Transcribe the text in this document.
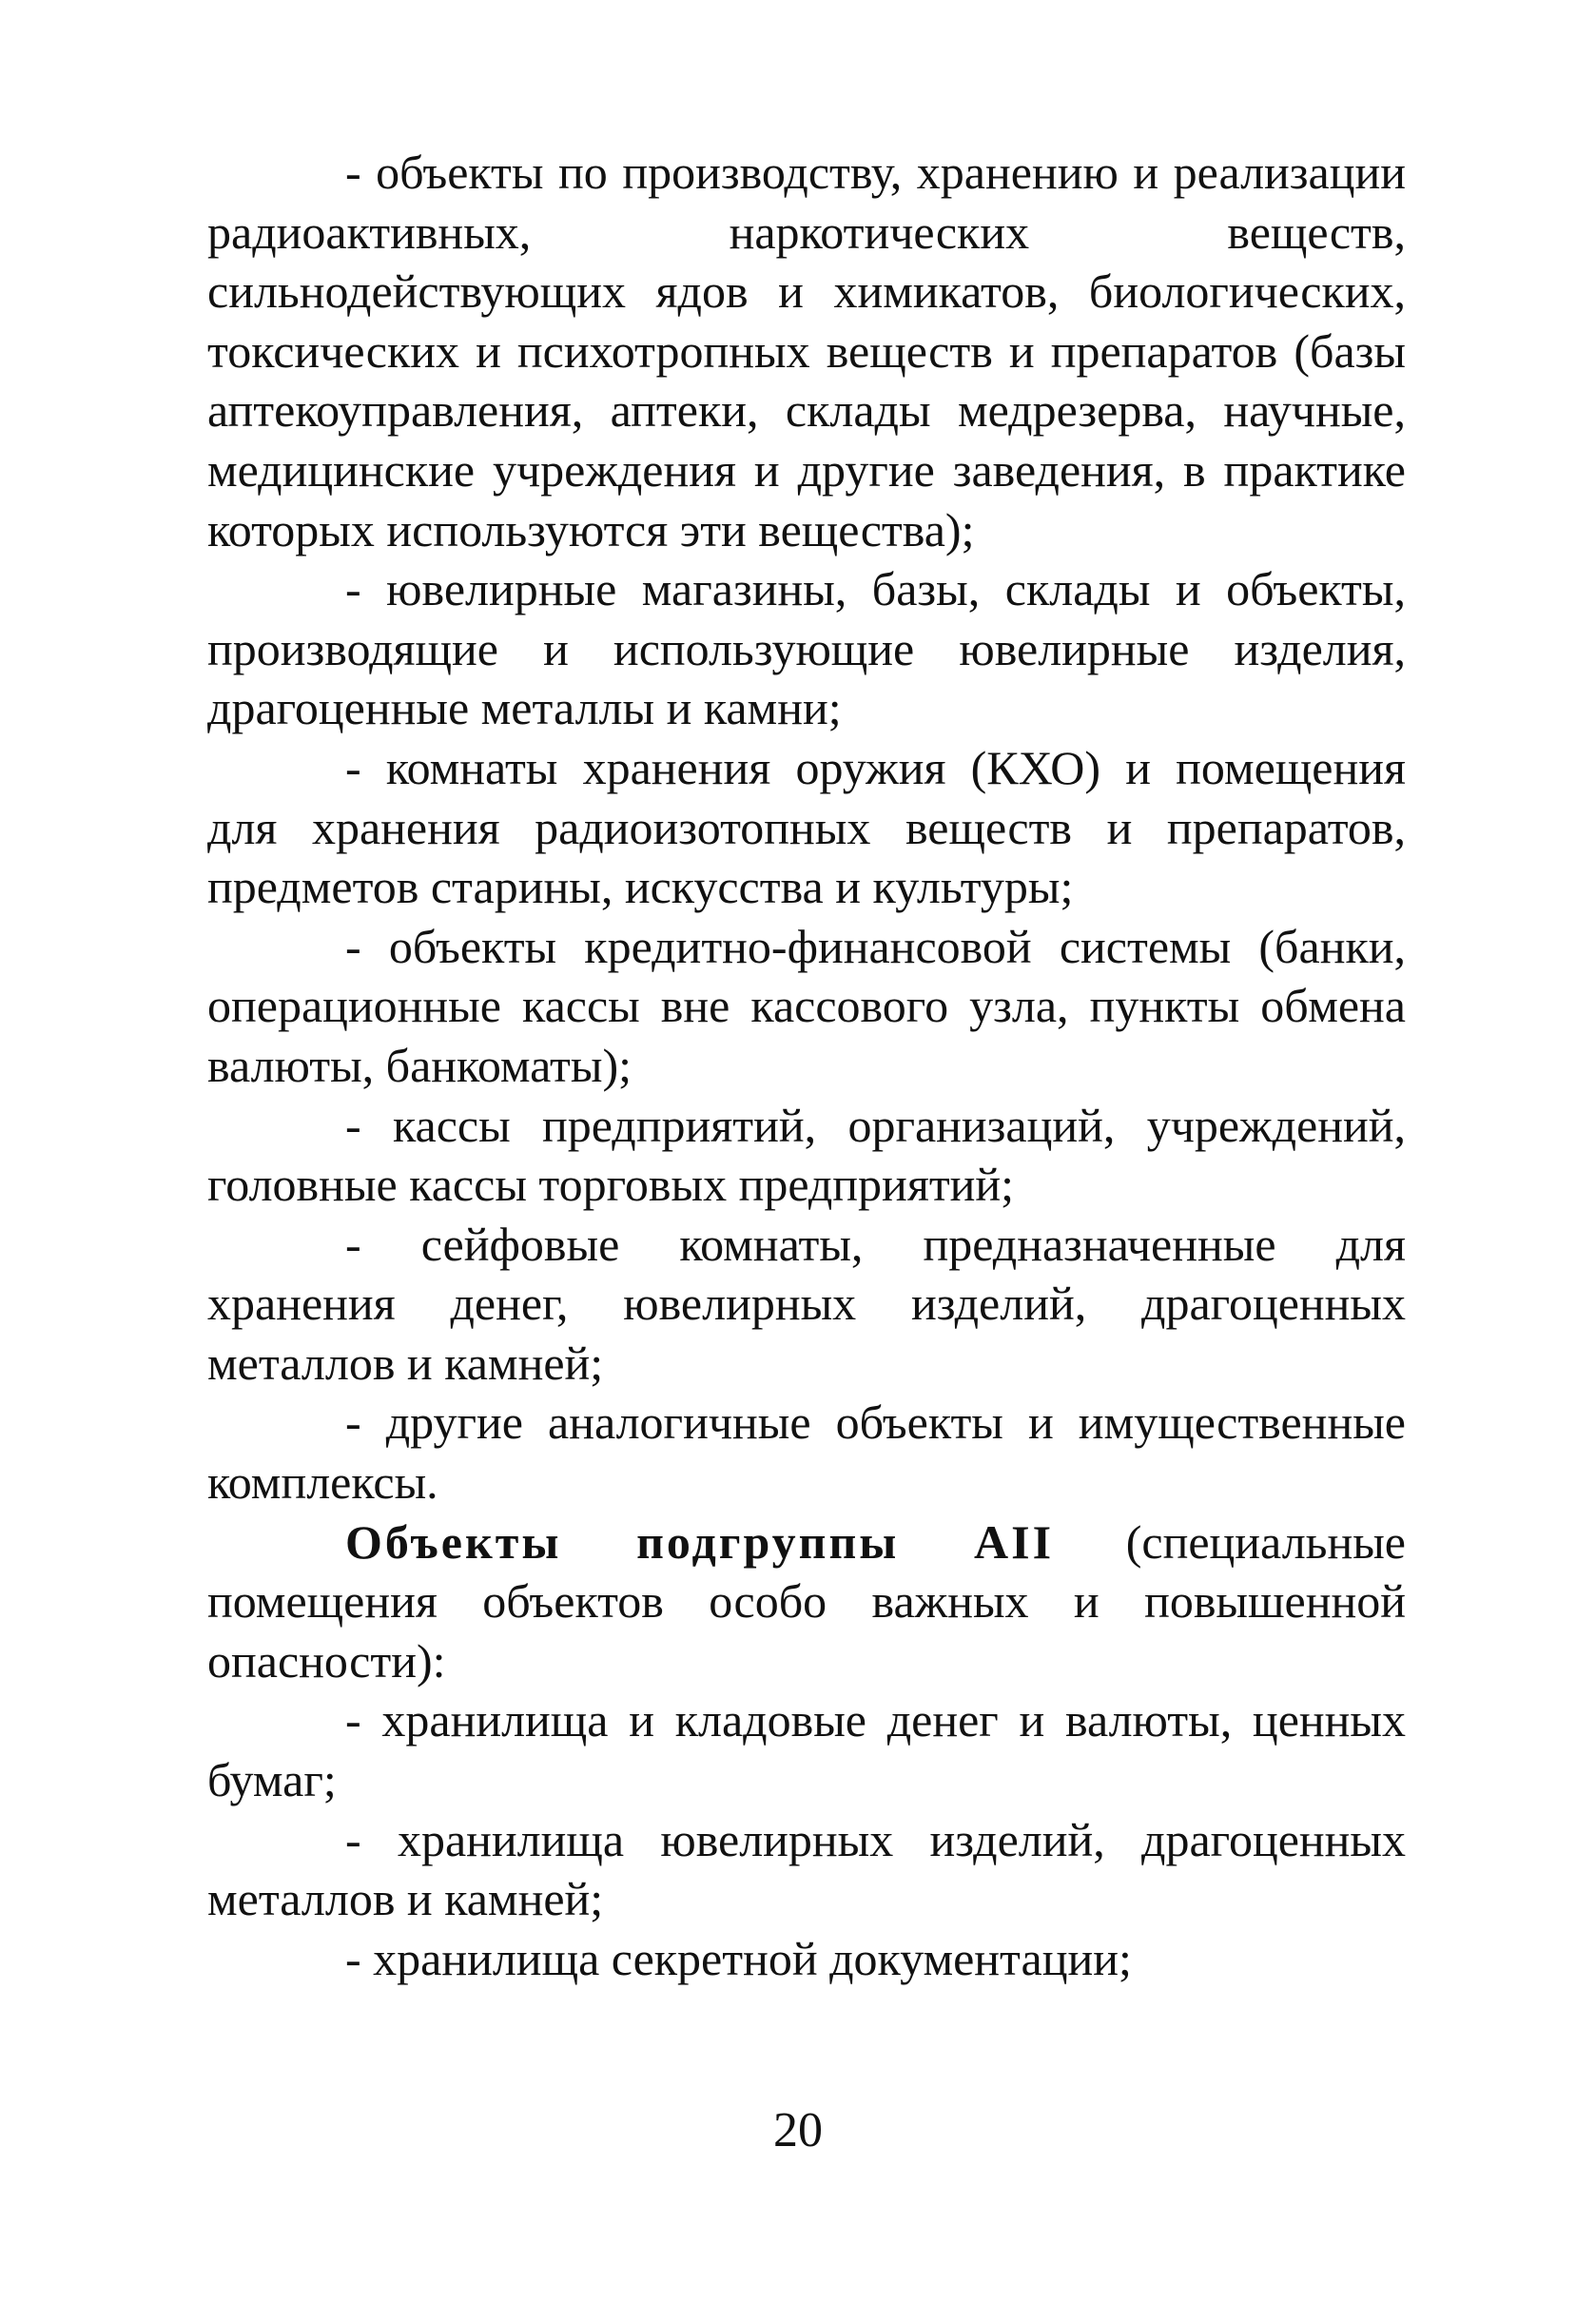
- объекты по производству, хранению и реализации радиоактивных, наркотических веществ, сильнодействующих ядов и химикатов, биологических, токсических и психотропных веществ и препаратов (базы аптекоуправления, аптеки, склады медрезерва, научные, медицинские учреждения и другие заведения, в практике которых используются эти вещества);

- ювелирные магазины, базы, склады и объекты, производящие и использующие ювелирные изделия, драгоценные металлы и камни;

- комнаты хранения оружия (КХО) и помещения для хранения радиоизотопных веществ и препаратов, предметов старины, искусства и культуры;

- объекты кредитно-финансовой системы (банки, операционные кассы вне кассового узла, пункты обмена валюты, банкоматы);

- кассы предприятий, организаций, учреждений, головные кассы торговых предприятий;

- сейфовые комнаты, предназначенные для хранения денег, ювелирных изделий, драгоценных металлов и камней;

- другие аналогичные объекты и имущественные комплексы.

Объекты подгруппы АII (специальные помещения объектов особо важных и повышенной опасности):

- хранилища и кладовые денег и валюты, ценных бумаг;

- хранилища ювелирных изделий, драгоценных металлов и камней;

- хранилища секретной документации;

20
